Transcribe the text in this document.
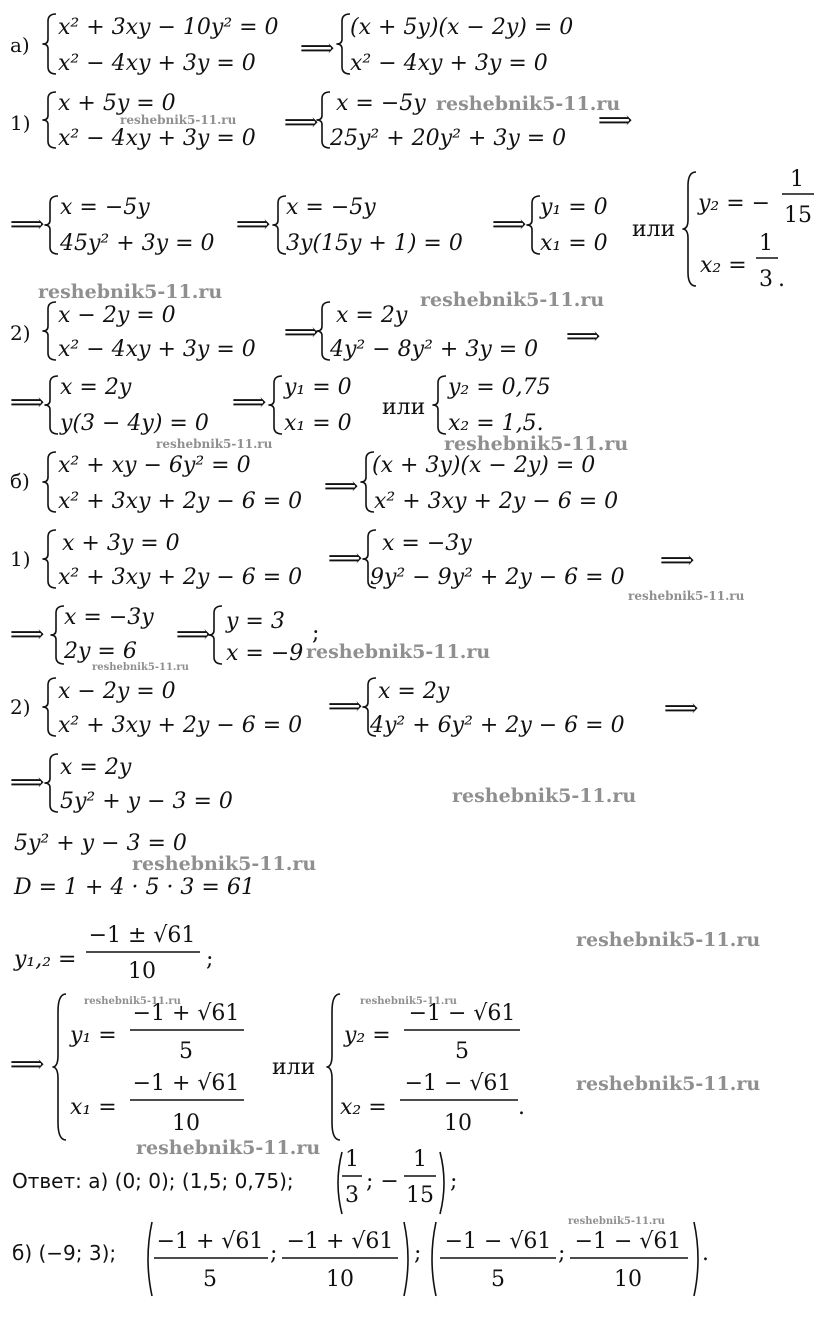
а)
x² + 3xy − 10y² = 0
x² − 4xy + 3y = 0
⟹
(x + 5y)(x − 2y) = 0
x² − 4xy + 3y = 0
1)
x + 5y = 0
x² − 4xy + 3y = 0
⟹
x = −5y
25y² + 20y² + 3y = 0
⟹
⟹
x = −5y
45y² + 3y = 0
⟹
x = −5y
3y(15y + 1) = 0
⟹
y₁ = 0
x₁ = 0
или
y₂ = −
1
15
x₂ =
1
3 .
2)
x − 2y = 0
x² − 4xy + 3y = 0
⟹
x = 2y
4y² − 8y² + 3y = 0 ⟹
⟹
x = 2y
y(3 − 4y) = 0
⟹
y₁ = 0
x₁ = 0
или
y₂ = 0,75
x₂ = 1,5.
б)
x² + xy − 6y² = 0
x² + 3xy + 2y − 6 = 0
⟹
(x + 3y)(x − 2y) = 0
x² + 3xy + 2y − 6 = 0
1)
x + 3y = 0
x² + 3xy + 2y − 6 = 0
⟹
x = −3y
9y² − 9y² + 2y − 6 = 0
⟹
⟹
x = −3y
2y = 6
⟹ y = 3
x = −9
;
2)
x − 2y = 0
x² + 3xy + 2y − 6 = 0
⟹
x = 2y
4y² + 6y² + 2y − 6 = 0
⟹
⟹
x = 2y
5y² + y − 3 = 0
5y² + y − 3 = 0
D = 1 + 4 · 5 · 3 = 61
y₁,₂ =
−1 ± √61
10 ;
⟹
y₁ =
−1 + √61
5
x₁ =
−1 + √61
10
или
y₂ =
−1 − √61
5
x₂ =
−1 − √61
10
.
Ответ: а) (0; 0); (1,5; 0,75);
1
3
; −
1
15
;
б) (−9; 3); −1 + √61
5
; −1 + √61
10
; −1 − √61
5
; −1 − √61
10
.
reshebnik5-11.ru
reshebnik5-11.ru
reshebnik5-11.ru	reshebnik5-11.ru
reshebnik5-11.ru	reshebnik5-11.ru
reshebnik5-11.ru
reshebnik5-11.ru
reshebnik5-11.ru
reshebnik5-11.ru
reshebnik5-11.ru
reshebnik5-11.ru
reshebnik5-11.ru	reshebnik5-11.ru
reshebnik5-11.ru
reshebnik5-11.ru
reshebnik5-11.ru
